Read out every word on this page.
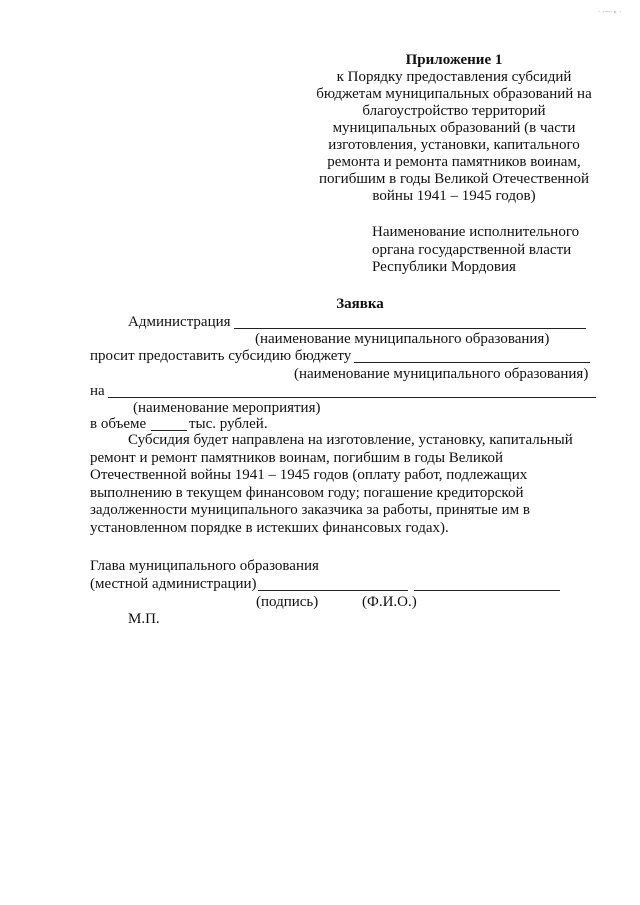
· ·~·∙ ·
Приложение 1
к Порядку предоставления субсидий
бюджетам муниципальных образований на
благоустройство территорий
муниципальных образований (в части
изготовления, установки, капитального
ремонта и ремонта памятников воинам,
погибшим в годы Великой Отечественной
войны 1941 – 1945 годов)
Наименование исполнительного
органа государственной власти
Республики Мордовия
Заявка
Администрация
(наименование муниципального образования)
просит предоставить субсидию бюджету
(наименование муниципального образования)
на
(наименование мероприятия)
в объеме	тыс. рублей.
Субсидия будет направлена на изготовление, установку, капитальный
ремонт и ремонт памятников воинам, погибшим в годы Великой
Отечественной войны 1941 – 1945 годов (оплату работ, подлежащих
выполнению в текущем финансовом году; погашение кредиторской
задолженности муниципального заказчика за работы, принятые им в
установленном порядке в истекших финансовых годах).
Глава муниципального образования
(местной администрации)
(подпись)	(Ф.И.О.)
М.П.
